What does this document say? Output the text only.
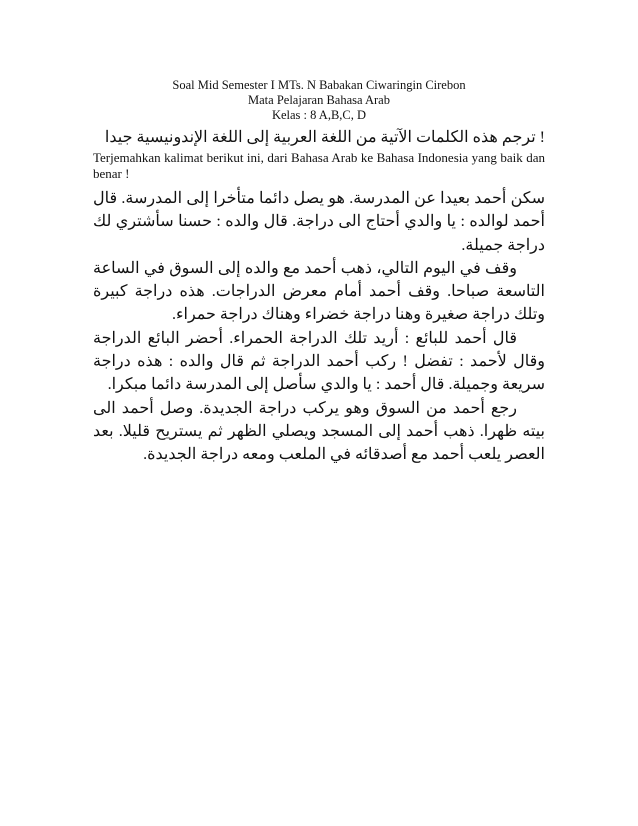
Soal Mid Semester I MTs. N Babakan Ciwaringin Cirebon
Mata Pelajaran Bahasa Arab
Kelas : 8 A,B,C, D
! ترجم هذه الكلمات الآتية من اللغة العربية إلى اللغة الإندونيسية جيدا
Terjemahkan kalimat berikut ini, dari Bahasa Arab ke Bahasa Indonesia yang baik dan benar !

سكن أحمد بعيدا عن المدرسة. هو يصل دائما متأخرا إلى المدرسة. قال أحمد لوالده : يا والدي أحتاج الى دراجة. قال والده : حسنا سأشتري لك دراجة جميلة.

وقف في اليوم التالي، ذهب أحمد مع والده إلى السوق في الساعة التاسعة صباحا. وقف أحمد أمام معرض الدراجات. هذه دراجة كبيرة وتلك دراجة صغيرة وهنا دراجة خضراء وهناك دراجة حمراء.

قال أحمد للبائع : أريد تلك الدراجة الحمراء. أحضر البائع الدراجة وقال لأحمد : تفضل ! ركب أحمد الدراجة ثم قال والده : هذه دراجة سريعة وجميلة. قال أحمد : يا والدي سأصل إلى المدرسة دائما مبكرا.

رجع أحمد من السوق وهو يركب دراجة الجديدة. وصل أحمد الى بيته ظهرا. ذهب أحمد إلى المسجد ويصلي الظهر ثم يستريح قليلا. بعد العصر يلعب أحمد مع أصدقائه في الملعب ومعه دراجة الجديدة.
